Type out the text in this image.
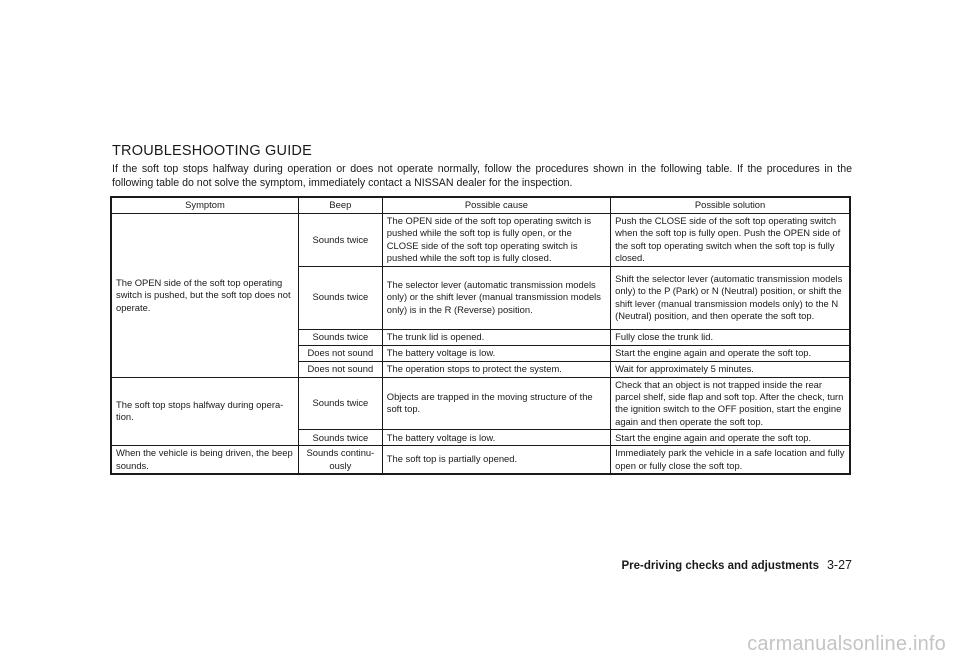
TROUBLESHOOTING GUIDE
If the soft top stops halfway during operation or does not operate normally, follow the procedures shown in the following table. If the procedures in the following table do not solve the symptom, immediately contact a NISSAN dealer for the inspection.
Symptom	Beep	Possible cause	Possible solution
The OPEN side of the soft top operating switch is pushed, but the soft top does not operate.	Sounds twice	The OPEN side of the soft top operating switch is pushed while the soft top is fully open, or the CLOSE side of the soft top operating switch is pushed while the soft top is fully closed.	Push the CLOSE side of the soft top operating switch when the soft top is fully open. Push the OPEN side of the soft top operating switch when the soft top is fully closed.
	Sounds twice	The selector lever (automatic transmission models only) or the shift lever (manual transmission models only) is in the R (Reverse) position.	Shift the selector lever (automatic transmission models only) to the P (Park) or N (Neutral) position, or shift the shift lever (manual transmission models only) to the N (Neutral) position, and then operate the soft top.
	Sounds twice	The trunk lid is opened.	Fully close the trunk lid.
	Does not sound	The battery voltage is low.	Start the engine again and operate the soft top.
	Does not sound	The operation stops to protect the system.	Wait for approximately 5 minutes.
The soft top stops halfway during opera-tion.	Sounds twice	Objects are trapped in the moving structure of the soft top.	Check that an object is not trapped inside the rear parcel shelf, side flap and soft top. After the check, turn the ignition switch to the OFF position, start the engine again and then operate the soft top.
	Sounds twice	The battery voltage is low.	Start the engine again and operate the soft top.
When the vehicle is being driven, the beep sounds.	Sounds continu-ously	The soft top is partially opened.	Immediately park the vehicle in a safe location and fully open or fully close the soft top.
Pre-driving checks and adjustments 3-27
carmanualsonline.info
